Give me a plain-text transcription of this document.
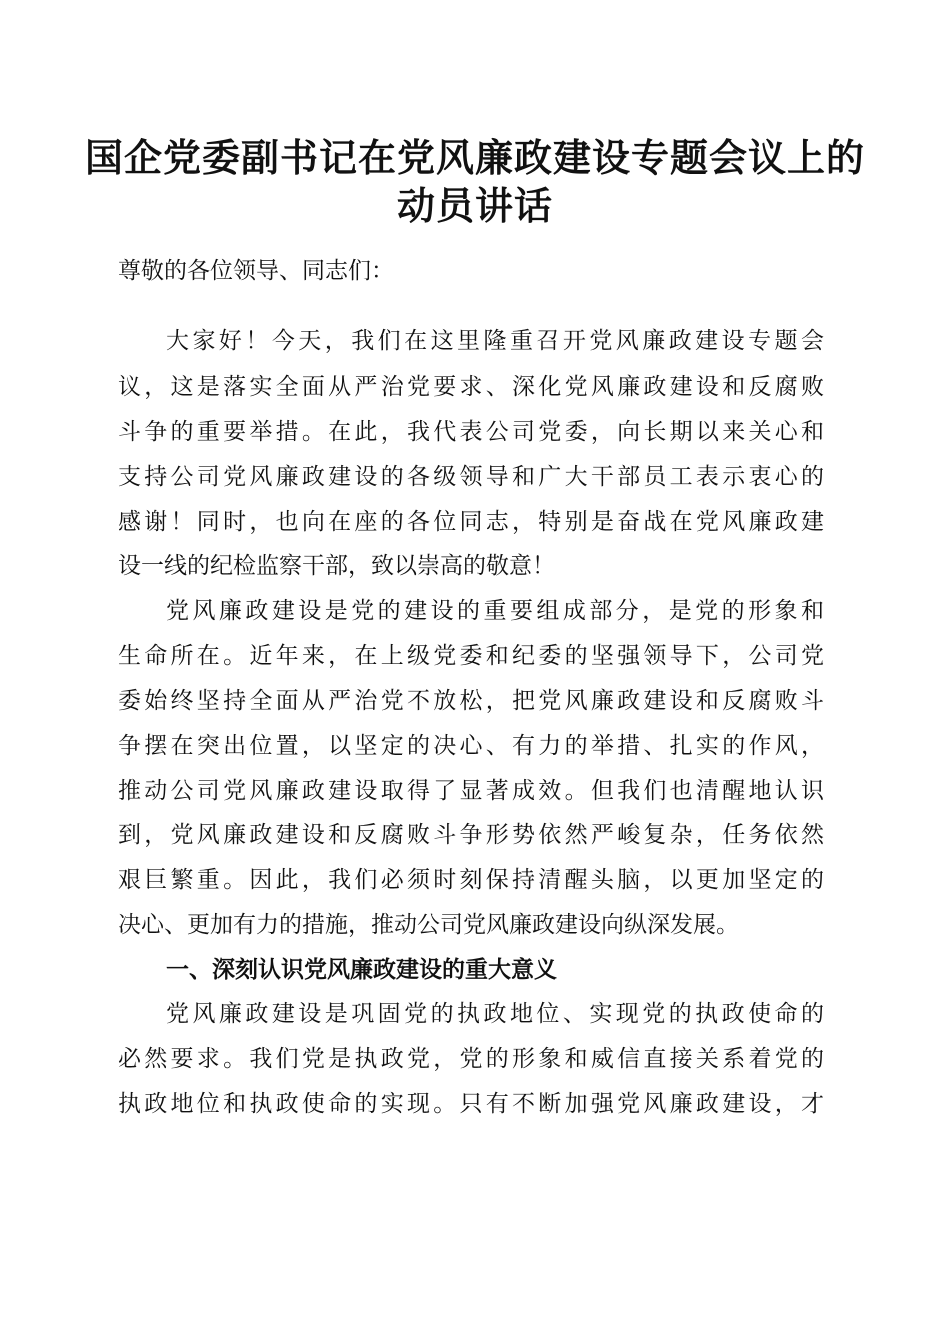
国企党委副书记在党风廉政建设专题会议上的
动员讲话
尊敬的各位领导、同志们：
大家好！今天，我们在这里隆重召开党风廉政建设专题会
议，这是落实全面从严治党要求、深化党风廉政建设和反腐败
斗争的重要举措。在此，我代表公司党委，向长期以来关心和
支持公司党风廉政建设的各级领导和广大干部员工表示衷心的
感谢！同时，也向在座的各位同志，特别是奋战在党风廉政建
设一线的纪检监察干部，致以崇高的敬意！
党风廉政建设是党的建设的重要组成部分，是党的形象和
生命所在。近年来，在上级党委和纪委的坚强领导下，公司党
委始终坚持全面从严治党不放松，把党风廉政建设和反腐败斗
争摆在突出位置，以坚定的决心、有力的举措、扎实的作风，
推动公司党风廉政建设取得了显著成效。但我们也清醒地认识
到，党风廉政建设和反腐败斗争形势依然严峻复杂，任务依然
艰巨繁重。因此，我们必须时刻保持清醒头脑，以更加坚定的
决心、更加有力的措施，推动公司党风廉政建设向纵深发展。
一、深刻认识党风廉政建设的重大意义
党风廉政建设是巩固党的执政地位、实现党的执政使命的
必然要求。我们党是执政党，党的形象和威信直接关系着党的
执政地位和执政使命的实现。只有不断加强党风廉政建设，才
